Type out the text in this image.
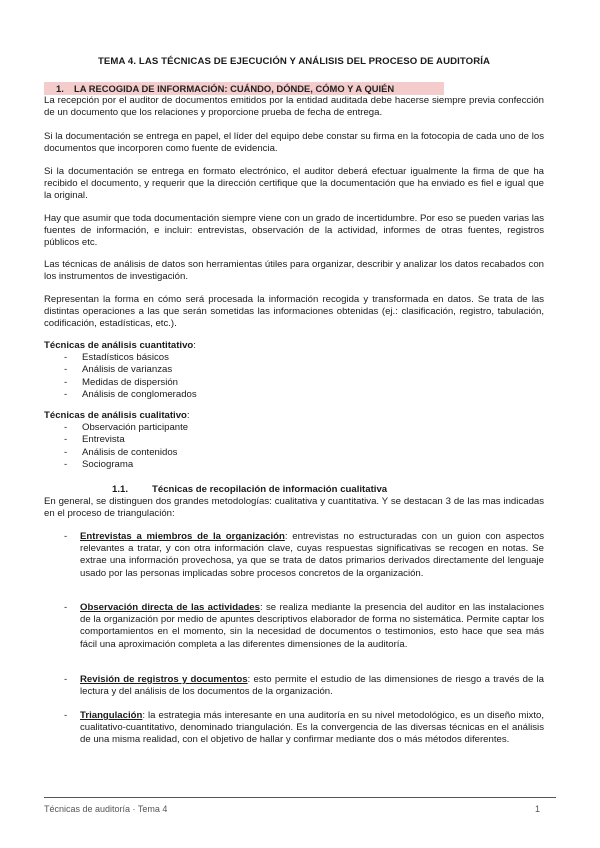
TEMA 4. LAS TÉCNICAS DE EJECUCIÓN Y ANÁLISIS DEL PROCESO DE AUDITORÍA
1. LA RECOGIDA DE INFORMACIÓN: CUÁNDO, DÓNDE, CÓMO Y A QUIÉN
La recepción por el auditor de documentos emitidos por la entidad auditada debe hacerse siempre previa confección de un documento que los relaciones y proporcione prueba de fecha de entrega.
Si la documentación se entrega en papel, el líder del equipo debe constar su firma en la fotocopia de cada uno de los documentos que incorporen como fuente de evidencia.
Si la documentación se entrega en formato electrónico, el auditor deberá efectuar igualmente la firma de que ha recibido el documento, y requerir que la dirección certifique que la documentación que ha enviado es fiel e igual que la original.
Hay que asumir que toda documentación siempre viene con un grado de incertidumbre. Por eso se pueden varias las fuentes de información, e incluir: entrevistas, observación de la actividad, informes de otras fuentes, registros públicos etc.
Las técnicas de análisis de datos son herramientas útiles para organizar, describir y analizar los datos recabados con los instrumentos de investigación.
Representan la forma en cómo será procesada la información recogida y transformada en datos. Se trata de las distintas operaciones a las que serán sometidas las informaciones obtenidas (ej.: clasificación, registro, tabulación, codificación, estadísticas, etc.).
Técnicas de análisis cuantitativo:
- Estadísticos básicos
- Análisis de varianzas
- Medidas de dispersión
- Análisis de conglomerados
Técnicas de análisis cualitativo:
- Observación participante
- Entrevista
- Análisis de contenidos
- Sociograma
1.1. Técnicas de recopilación de información cualitativa
En general, se distinguen dos grandes metodologías: cualitativa y cuantitativa. Y se destacan 3 de las mas indicadas en el proceso de triangulación:
- Entrevistas a miembros de la organización: entrevistas no estructuradas con un guion con aspectos relevantes a tratar, y con otra información clave, cuyas respuestas significativas se recogen en notas. Se extrae una información provechosa, ya que se trata de datos primarios derivados directamente del lenguaje usado por las personas implicadas sobre procesos concretos de la organización.
- Observación directa de las actividades: se realiza mediante la presencia del auditor en las instalaciones de la organización por medio de apuntes descriptivos elaborador de forma no sistemática. Permite captar los comportamientos en el momento, sin la necesidad de documentos o testimonios, esto hace que sea más fácil una aproximación completa a las diferentes dimensiones de la auditoría.
- Revisión de registros y documentos: esto permite el estudio de las dimensiones de riesgo a través de la lectura y del análisis de los documentos de la organización.
- Triangulación: la estrategia más interesante en una auditoría en su nivel metodológico, es un diseño mixto, cualitativo-cuantitativo, denominado triangulación. Es la convergencia de las diversas técnicas en el análisis de una misma realidad, con el objetivo de hallar y confirmar mediante dos o más métodos diferentes.
Técnicas de auditoría · Tema 4	1
